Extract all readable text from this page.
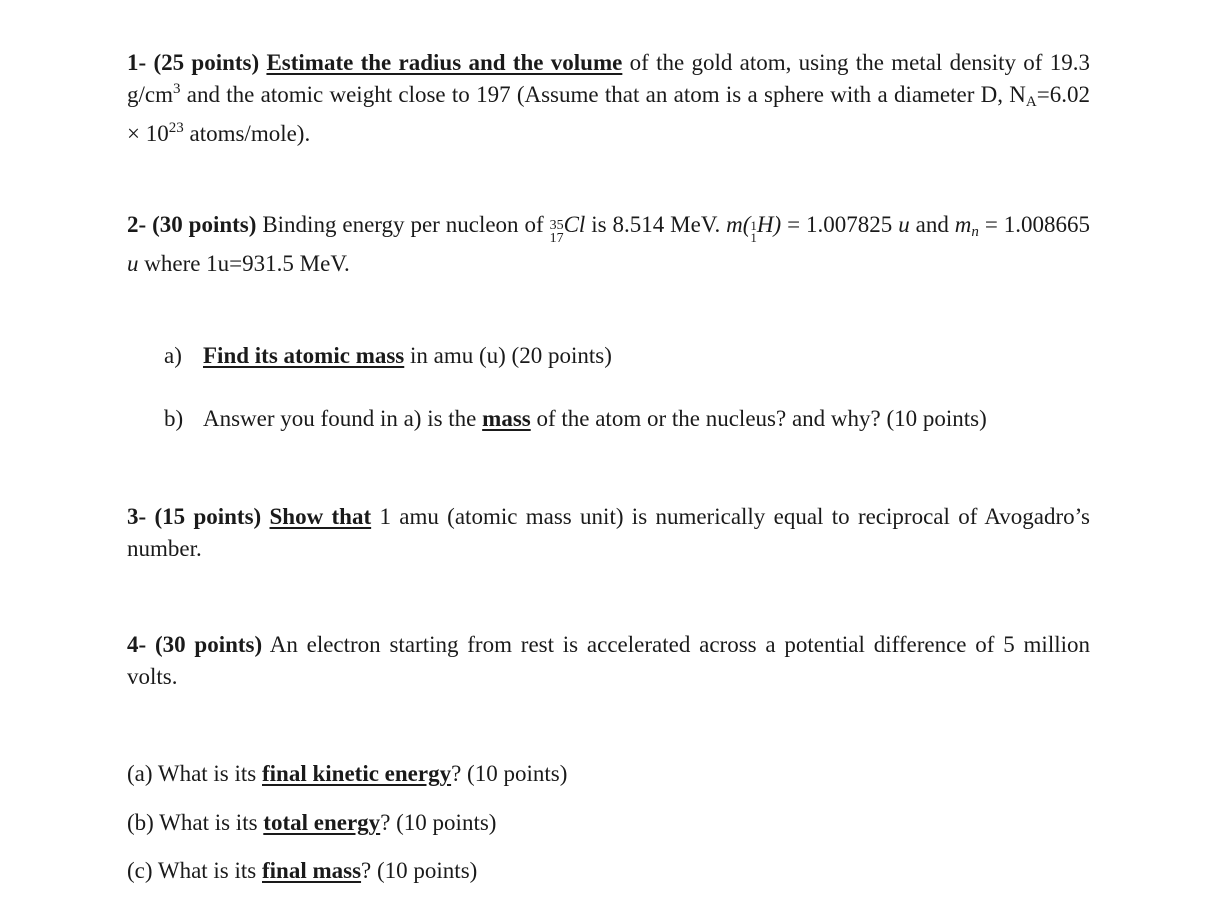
1- (25 points) Estimate the radius and the volume of the gold atom, using the metal density of 19.3 $g/cm^3$ and the atomic weight close to 197 (Assume that an atom is a sphere with a diameter D, $NA=6.02 \times 10^{23}$ atoms/mole).
2- (30 points) Binding energy per nucleon of 35
17
Cl is 8.514 MeV. m( 1
1
H) = 1.007825 u and mn = 1.008665 u where 1u=931.5 MeV.
a) Find its atomic mass in amu (u) (20 points)
b) Answer you found in a) is the mass of the atom or the nucleus? and why? (10 points)
3- (15 points) Show that 1 amu (atomic mass unit) is numerically equal to reciprocal of Avogadro’s number.
4- (30 points) An electron starting from rest is accelerated across a potential difference of 5 million volts.
(a) What is its final kinetic energy? (10 points)
(b) What is its total energy? (10 points)
(c) What is its final mass? (10 points)
